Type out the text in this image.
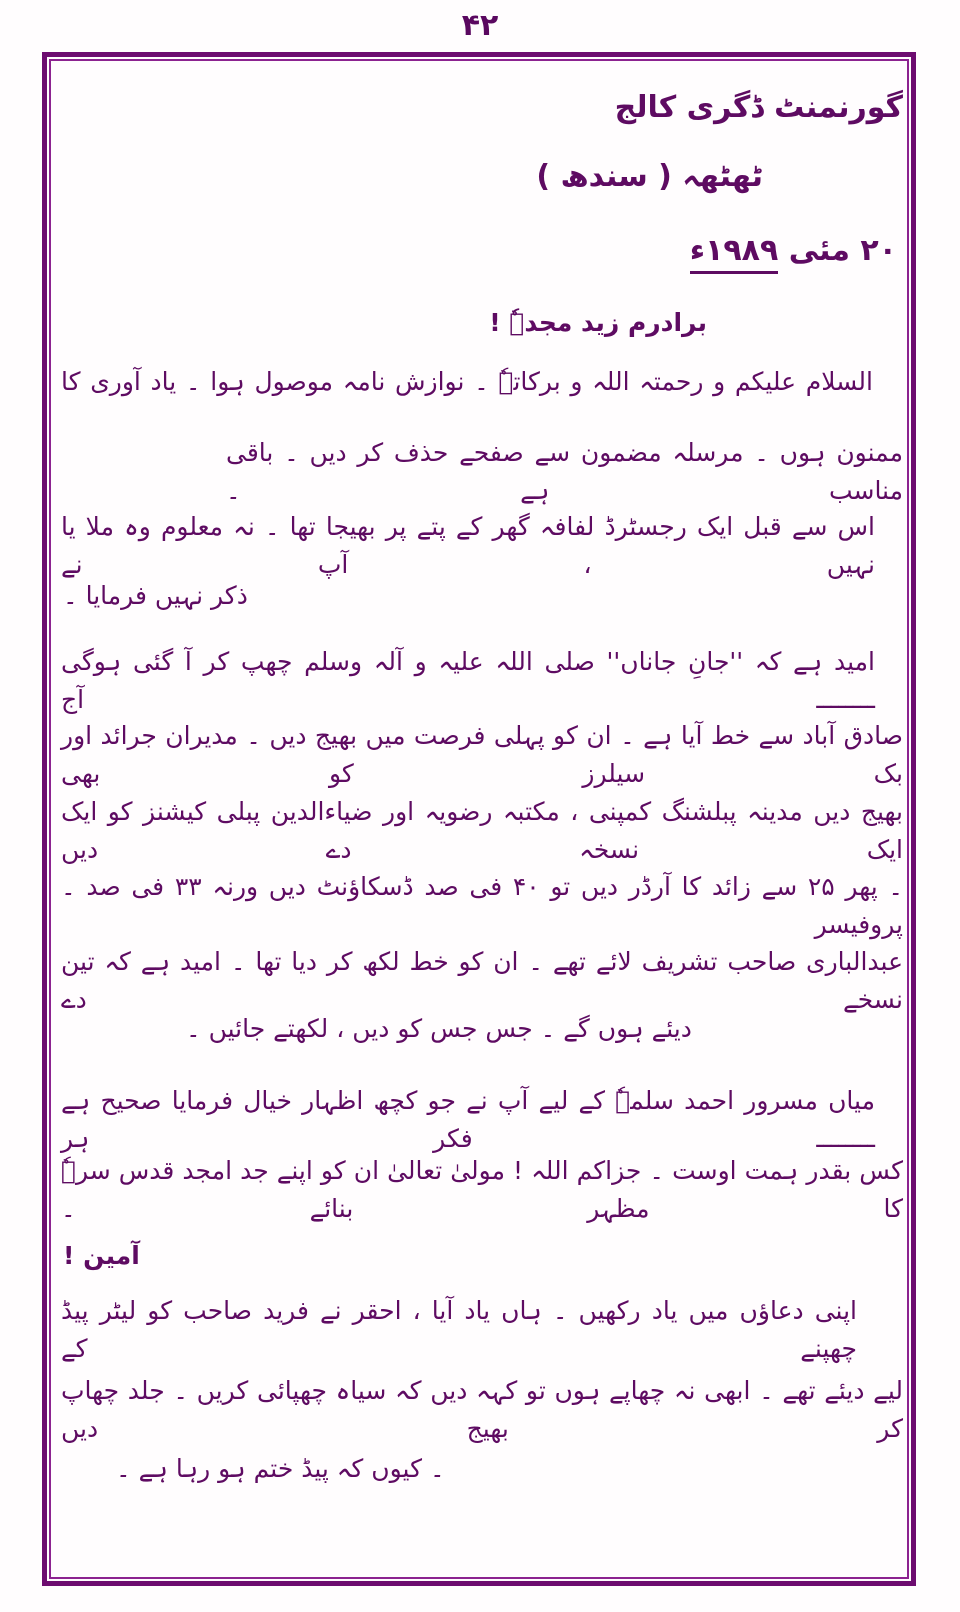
۴۲
گورنمنٹ ڈگری کالج
ٹھٹھہ ( سندھ )
۲۰ مئی ۱۹۸۹ء
برادرم زید مجدہٗ !
السلام علیکم و رحمتہ اللہ و برکاتہٗ ۔ نوازش نامہ موصول ہوا ۔ یاد آوری کا
ممنون ہوں ۔ مرسلہ مضمون سے صفحے حذف کر دیں ۔ باقی مناسب ہے ۔
اس سے قبل ایک رجسٹرڈ لفافہ گھر کے پتے پر بھیجا تھا ۔ نہ معلوم وہ ملا یا نہیں ، آپ نے
ذکر نہیں فرمایا ۔
امید ہے کہ ''جانِ جاناں'' صلی اللہ علیہ و آلہ وسلم چھپ کر آ گئی ہوگی ــــــــ آج
صادق آباد سے خط آیا ہے ۔ ان کو پہلی فرصت میں بھیج دیں ۔ مدیران جرائد اور بک سیلرز کو بھی
بھیج دیں مدینہ پبلشنگ کمپنی ، مکتبہ رضویہ اور ضیاءالدین پبلی کیشنز کو ایک ایک نسخہ دے دیں
۔ پھر ۲۵ سے زائد کا آرڈر دیں تو ۴۰ فی صد ڈسکاؤنٹ دیں ورنہ ۳۳ فی صد ۔ پروفیسر
عبدالباری صاحب تشریف لائے تھے ۔ ان کو خط لکھ کر دیا تھا ۔ امید ہے کہ تین نسخے دے
دیئے ہوں گے ۔ جس جس کو دیں ، لکھتے جائیں ۔
میاں مسرور احمد سلمہٗ کے لیے آپ نے جو کچھ اظہار خیال فرمایا صحیح ہے ــــــــ فکر ہر
کس بقدر ہمت اوست ۔ جزاکم اللہ ! مولیٰ تعالیٰ ان کو اپنے جد امجد قدس سرہٗ کا مظہر بنائے ۔
آمین !
اپنی دعاؤں میں یاد رکھیں ۔ ہاں یاد آیا ، احقر نے فرید صاحب کو لیٹر پیڈ چھپنے کے
لیے دیئے تھے ۔ ابھی نہ چھاپے ہوں تو کہہ دیں کہ سیاہ چھپائی کریں ۔ جلد چھاپ کر بھیج دیں
۔ کیوں کہ پیڈ ختم ہو رہا ہے ۔
